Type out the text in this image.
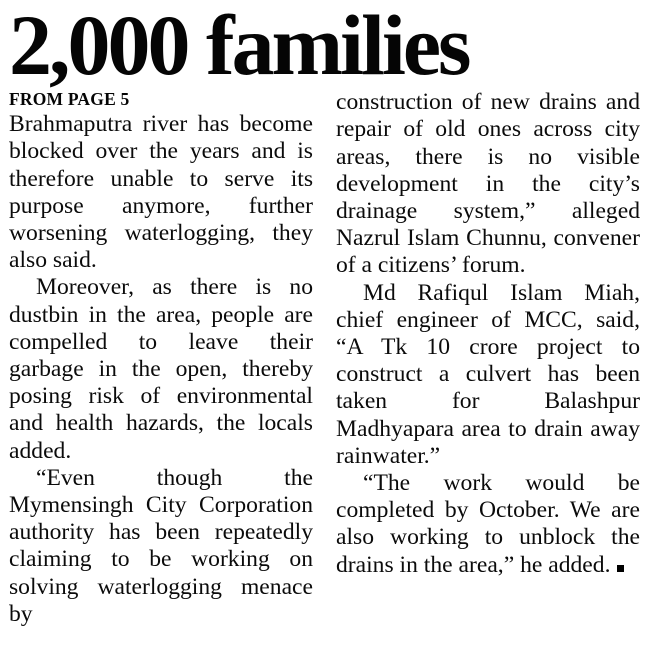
2,000 families
FROM PAGE 5

Brahmaputra river has become blocked over the years and is therefore unable to serve its purpose anymore, further worsening waterlogging, they also said.

Moreover, as there is no dustbin in the area, people are compelled to leave their garbage in the open, thereby posing risk of environmental and health hazards, the locals added.

“Even though the Mymensingh City Corporation authority has been repeatedly claiming to be working on solving waterlogging menace by

construction of new drains and repair of old ones across city areas, there is no visible development in the city’s drainage system,” alleged Nazrul Islam Chunnu, convener of a citizens’ forum.

Md Rafiqul Islam Miah, chief engineer of MCC, said, “A Tk 10 crore project to construct a culvert has been taken for Balashpur Madhyapara area to drain away rainwater.”

“The work would be completed by October. We are also working to unblock the drains in the area,” he added.
